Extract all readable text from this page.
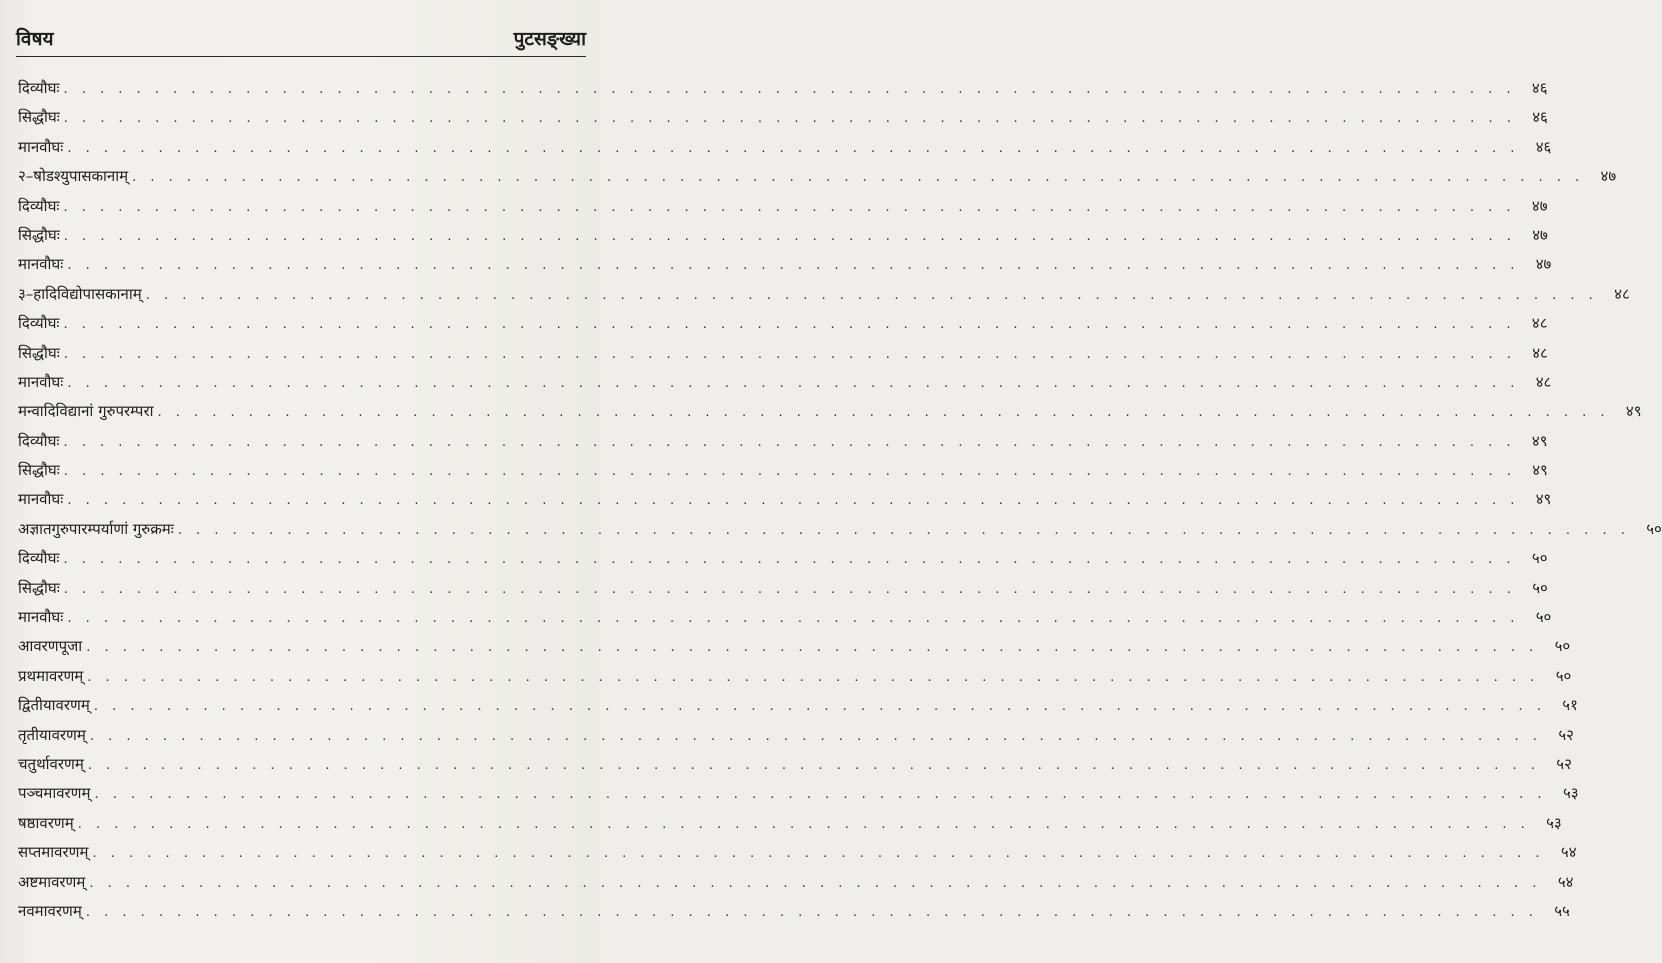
विषय	पुटसङ्ख्या
दिव्यौघः . . . . . . . . . . . . . . . . . . . . . . . . . . . . . . . . . . . . . . . . . . . . . . . . . . . . . . . . . . . . . . . . . . . . . . . . . . . . . . . .	४६
सिद्धौघः . . . . . . . . . . . . . . . . . . . . . . . . . . . . . . . . . . . . . . . . . . . . . . . . . . . . . . . . . . . . . . . . . . . . . . . . . . . . . . . .	४६
मानवौघः . . . . . . . . . . . . . . . . . . . . . . . . . . . . . . . . . . . . . . . . . . . . . . . . . . . . . . . . . . . . . . . . . . . . . . . . . . . . . . . .	४६
२–षोडश्युपासकानाम् . . . . . . . . . . . . . . . . . . . . . . . . . . . . . . . . . . . . . . . . . . . . . . . . . . . . . . . . . . . . . . . . . . . . . . . . . . . . . . . .	४७
दिव्यौघः . . . . . . . . . . . . . . . . . . . . . . . . . . . . . . . . . . . . . . . . . . . . . . . . . . . . . . . . . . . . . . . . . . . . . . . . . . . . . . . .	४७
सिद्धौघः . . . . . . . . . . . . . . . . . . . . . . . . . . . . . . . . . . . . . . . . . . . . . . . . . . . . . . . . . . . . . . . . . . . . . . . . . . . . . . . .	४७
मानवौघः . . . . . . . . . . . . . . . . . . . . . . . . . . . . . . . . . . . . . . . . . . . . . . . . . . . . . . . . . . . . . . . . . . . . . . . . . . . . . . . .	४७
३–हादिविद्योपासकानाम् . . . . . . . . . . . . . . . . . . . . . . . . . . . . . . . . . . . . . . . . . . . . . . . . . . . . . . . . . . . . . . . . . . . . . . . . . . . . . . . .	४८
दिव्यौघः . . . . . . . . . . . . . . . . . . . . . . . . . . . . . . . . . . . . . . . . . . . . . . . . . . . . . . . . . . . . . . . . . . . . . . . . . . . . . . . .	४८
सिद्धौघः . . . . . . . . . . . . . . . . . . . . . . . . . . . . . . . . . . . . . . . . . . . . . . . . . . . . . . . . . . . . . . . . . . . . . . . . . . . . . . . .	४८
मानवौघः . . . . . . . . . . . . . . . . . . . . . . . . . . . . . . . . . . . . . . . . . . . . . . . . . . . . . . . . . . . . . . . . . . . . . . . . . . . . . . . .	४८
मन्वादिविद्यानां गुरुपरम्परा . . . . . . . . . . . . . . . . . . . . . . . . . . . . . . . . . . . . . . . . . . . . . . . . . . . . . . . . . . . . . . . . . . . . . . . . . . . . . . . .	४९
दिव्यौघः . . . . . . . . . . . . . . . . . . . . . . . . . . . . . . . . . . . . . . . . . . . . . . . . . . . . . . . . . . . . . . . . . . . . . . . . . . . . . . . .	४९
सिद्धौघः . . . . . . . . . . . . . . . . . . . . . . . . . . . . . . . . . . . . . . . . . . . . . . . . . . . . . . . . . . . . . . . . . . . . . . . . . . . . . . . .	४९
मानवौघः . . . . . . . . . . . . . . . . . . . . . . . . . . . . . . . . . . . . . . . . . . . . . . . . . . . . . . . . . . . . . . . . . . . . . . . . . . . . . . . .	४९
अज्ञातगुरुपारम्पर्याणां गुरुक्रमः . . . . . . . . . . . . . . . . . . . . . . . . . . . . . . . . . . . . . . . . . . . . . . . . . . . . . . . . . . . . . . . . . . . . . . . . . . . . . . . .	५०
दिव्यौघः . . . . . . . . . . . . . . . . . . . . . . . . . . . . . . . . . . . . . . . . . . . . . . . . . . . . . . . . . . . . . . . . . . . . . . . . . . . . . . . .	५०
सिद्धौघः . . . . . . . . . . . . . . . . . . . . . . . . . . . . . . . . . . . . . . . . . . . . . . . . . . . . . . . . . . . . . . . . . . . . . . . . . . . . . . . .	५०
मानवौघः . . . . . . . . . . . . . . . . . . . . . . . . . . . . . . . . . . . . . . . . . . . . . . . . . . . . . . . . . . . . . . . . . . . . . . . . . . . . . . . .	५०
आवरणपूजा . . . . . . . . . . . . . . . . . . . . . . . . . . . . . . . . . . . . . . . . . . . . . . . . . . . . . . . . . . . . . . . . . . . . . . . . . . . . . . . .	५०
प्रथमावरणम् . . . . . . . . . . . . . . . . . . . . . . . . . . . . . . . . . . . . . . . . . . . . . . . . . . . . . . . . . . . . . . . . . . . . . . . . . . . . . . . .	५०
द्वितीयावरणम् . . . . . . . . . . . . . . . . . . . . . . . . . . . . . . . . . . . . . . . . . . . . . . . . . . . . . . . . . . . . . . . . . . . . . . . . . . . . . . . .	५१
तृतीयावरणम् . . . . . . . . . . . . . . . . . . . . . . . . . . . . . . . . . . . . . . . . . . . . . . . . . . . . . . . . . . . . . . . . . . . . . . . . . . . . . . . .	५२
चतुर्थावरणम् . . . . . . . . . . . . . . . . . . . . . . . . . . . . . . . . . . . . . . . . . . . . . . . . . . . . . . . . . . . . . . . . . . . . . . . . . . . . . . . .	५२
पञ्चमावरणम् . . . . . . . . . . . . . . . . . . . . . . . . . . . . . . . . . . . . . . . . . . . . . . . . . . . . . . . . . . . . . . . . . . . . . . . . . . . . . . . .	५३
षष्ठावरणम् . . . . . . . . . . . . . . . . . . . . . . . . . . . . . . . . . . . . . . . . . . . . . . . . . . . . . . . . . . . . . . . . . . . . . . . . . . . . . . . .	५३
सप्तमावरणम् . . . . . . . . . . . . . . . . . . . . . . . . . . . . . . . . . . . . . . . . . . . . . . . . . . . . . . . . . . . . . . . . . . . . . . . . . . . . . . . .	५४
अष्टमावरणम् . . . . . . . . . . . . . . . . . . . . . . . . . . . . . . . . . . . . . . . . . . . . . . . . . . . . . . . . . . . . . . . . . . . . . . . . . . . . . . . .	५४
नवमावरणम् . . . . . . . . . . . . . . . . . . . . . . . . . . . . . . . . . . . . . . . . . . . . . . . . . . . . . . . . . . . . . . . . . . . . . . . . . . . . . . . .	५५
